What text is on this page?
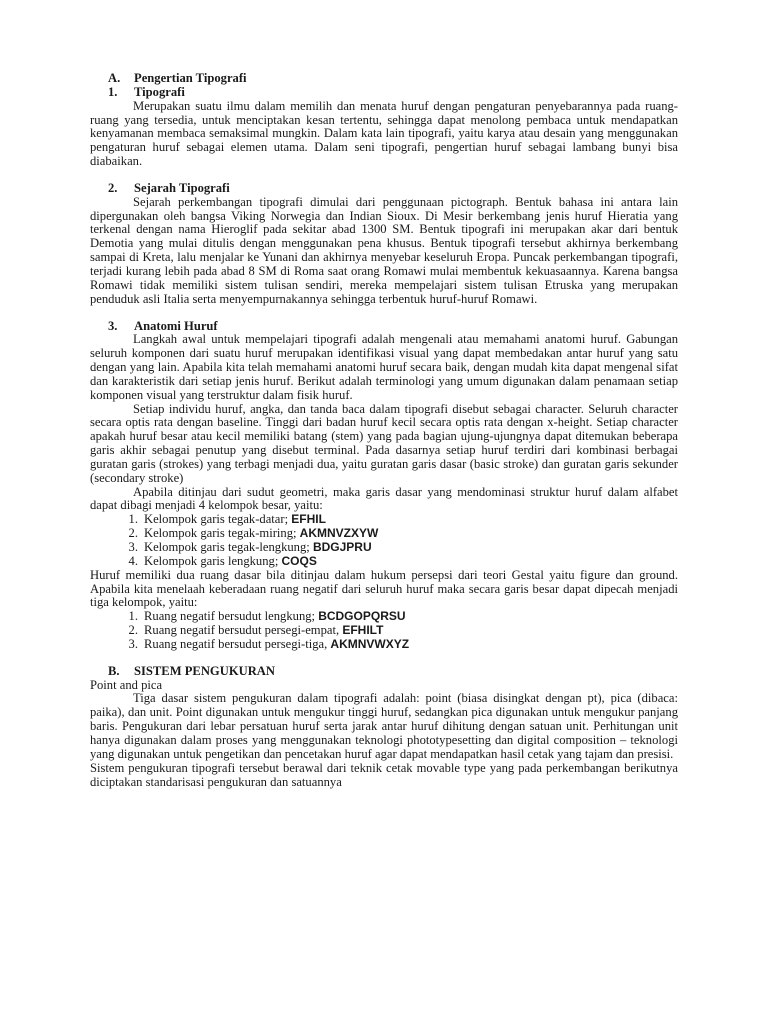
A. Pengertian Tipografi
1. Tipografi

Merupakan suatu ilmu dalam memilih dan menata huruf dengan pengaturan penyebarannya pada ruang-ruang yang tersedia, untuk menciptakan kesan tertentu, sehingga dapat menolong pembaca untuk mendapatkan kenyamanan membaca semaksimal mungkin. Dalam kata lain tipografi, yaitu karya atau desain yang menggunakan pengaturan huruf sebagai elemen utama. Dalam seni tipografi, pengertian huruf sebagai lambang bunyi bisa diabaikan.

2. Sejarah Tipografi

Sejarah perkembangan tipografi dimulai dari penggunaan pictograph. Bentuk bahasa ini antara lain dipergunakan oleh bangsa Viking Norwegia dan Indian Sioux. Di Mesir berkembang jenis huruf Hieratia yang terkenal dengan nama Hieroglif pada sekitar abad 1300 SM. Bentuk tipografi ini merupakan akar dari bentuk Demotia yang mulai ditulis dengan menggunakan pena khusus. Bentuk tipografi tersebut akhirnya berkembang sampai di Kreta, lalu menjalar ke Yunani dan akhirnya menyebar keseluruh Eropa. Puncak perkembangan tipografi, terjadi kurang lebih pada abad 8 SM di Roma saat orang Romawi mulai membentuk kekuasaannya. Karena bangsa Romawi tidak memiliki sistem tulisan sendiri, mereka mempelajari sistem tulisan Etruska yang merupakan penduduk asli Italia serta menyempurnakannya sehingga terbentuk huruf-huruf Romawi.

3. Anatomi Huruf

Langkah awal untuk mempelajari tipografi adalah mengenali atau memahami anatomi huruf. Gabungan seluruh komponen dari suatu huruf merupakan identifikasi visual yang dapat membedakan antar huruf yang satu dengan yang lain. Apabila kita telah memahami anatomi huruf secara baik, dengan mudah kita dapat mengenal sifat dan karakteristik dari setiap jenis huruf. Berikut adalah terminologi yang umum digunakan dalam penamaan setiap komponen visual yang terstruktur dalam fisik huruf.

Setiap individu huruf, angka, dan tanda baca dalam tipografi disebut sebagai character. Seluruh character secara optis rata dengan baseline. Tinggi dari badan huruf kecil secara optis rata dengan x-height. Setiap character apakah huruf besar atau kecil memiliki batang (stem) yang pada bagian ujung-ujungnya dapat ditemukan beberapa garis akhir sebagai penutup yang disebut terminal. Pada dasarnya setiap huruf terdiri dari kombinasi berbagai guratan garis (strokes) yang terbagi menjadi dua, yaitu guratan garis dasar (basic stroke) dan guratan garis sekunder (secondary stroke)

Apabila ditinjau dari sudut geometri, maka garis dasar yang mendominasi struktur huruf dalam alfabet dapat dibagi menjadi 4 kelompok besar, yaitu:

1. Kelompok garis tegak-datar; EFHIL
2. Kelompok garis tegak-miring; AKMNVZXYW
3. Kelompok garis tegak-lengkung; BDGJPRU
4. Kelompok garis lengkung; COQS

Huruf memiliki dua ruang dasar bila ditinjau dalam hukum persepsi dari teori Gestal yaitu figure dan ground. Apabila kita menelaah keberadaan ruang negatif dari seluruh huruf maka secara garis besar dapat dipecah menjadi tiga kelompok, yaitu:

1. Ruang negatif bersudut lengkung; BCDGOPQRSU
2. Ruang negatif bersudut persegi-empat, EFHILT
3. Ruang negatif bersudut persegi-tiga, AKMNVWXYZ
B. SISTEM PENGUKURAN
Point and pica

Tiga dasar sistem pengukuran dalam tipografi adalah: point (biasa disingkat dengan pt), pica (dibaca: paika), dan unit. Point digunakan untuk mengukur tinggi huruf, sedangkan pica digunakan untuk mengukur panjang baris. Pengukuran dari lebar persatuan huruf serta jarak antar huruf dihitung dengan satuan unit. Perhitungan unit hanya digunakan dalam proses yang menggunakan teknologi phototypesetting dan digital composition – teknologi yang digunakan untuk pengetikan dan pencetakan huruf agar dapat mendapatkan hasil cetak yang tajam dan presisi.

Sistem pengukuran tipografi tersebut berawal dari teknik cetak movable type yang pada perkembangan berikutnya diciptakan standarisasi pengukuran dan satuannya
